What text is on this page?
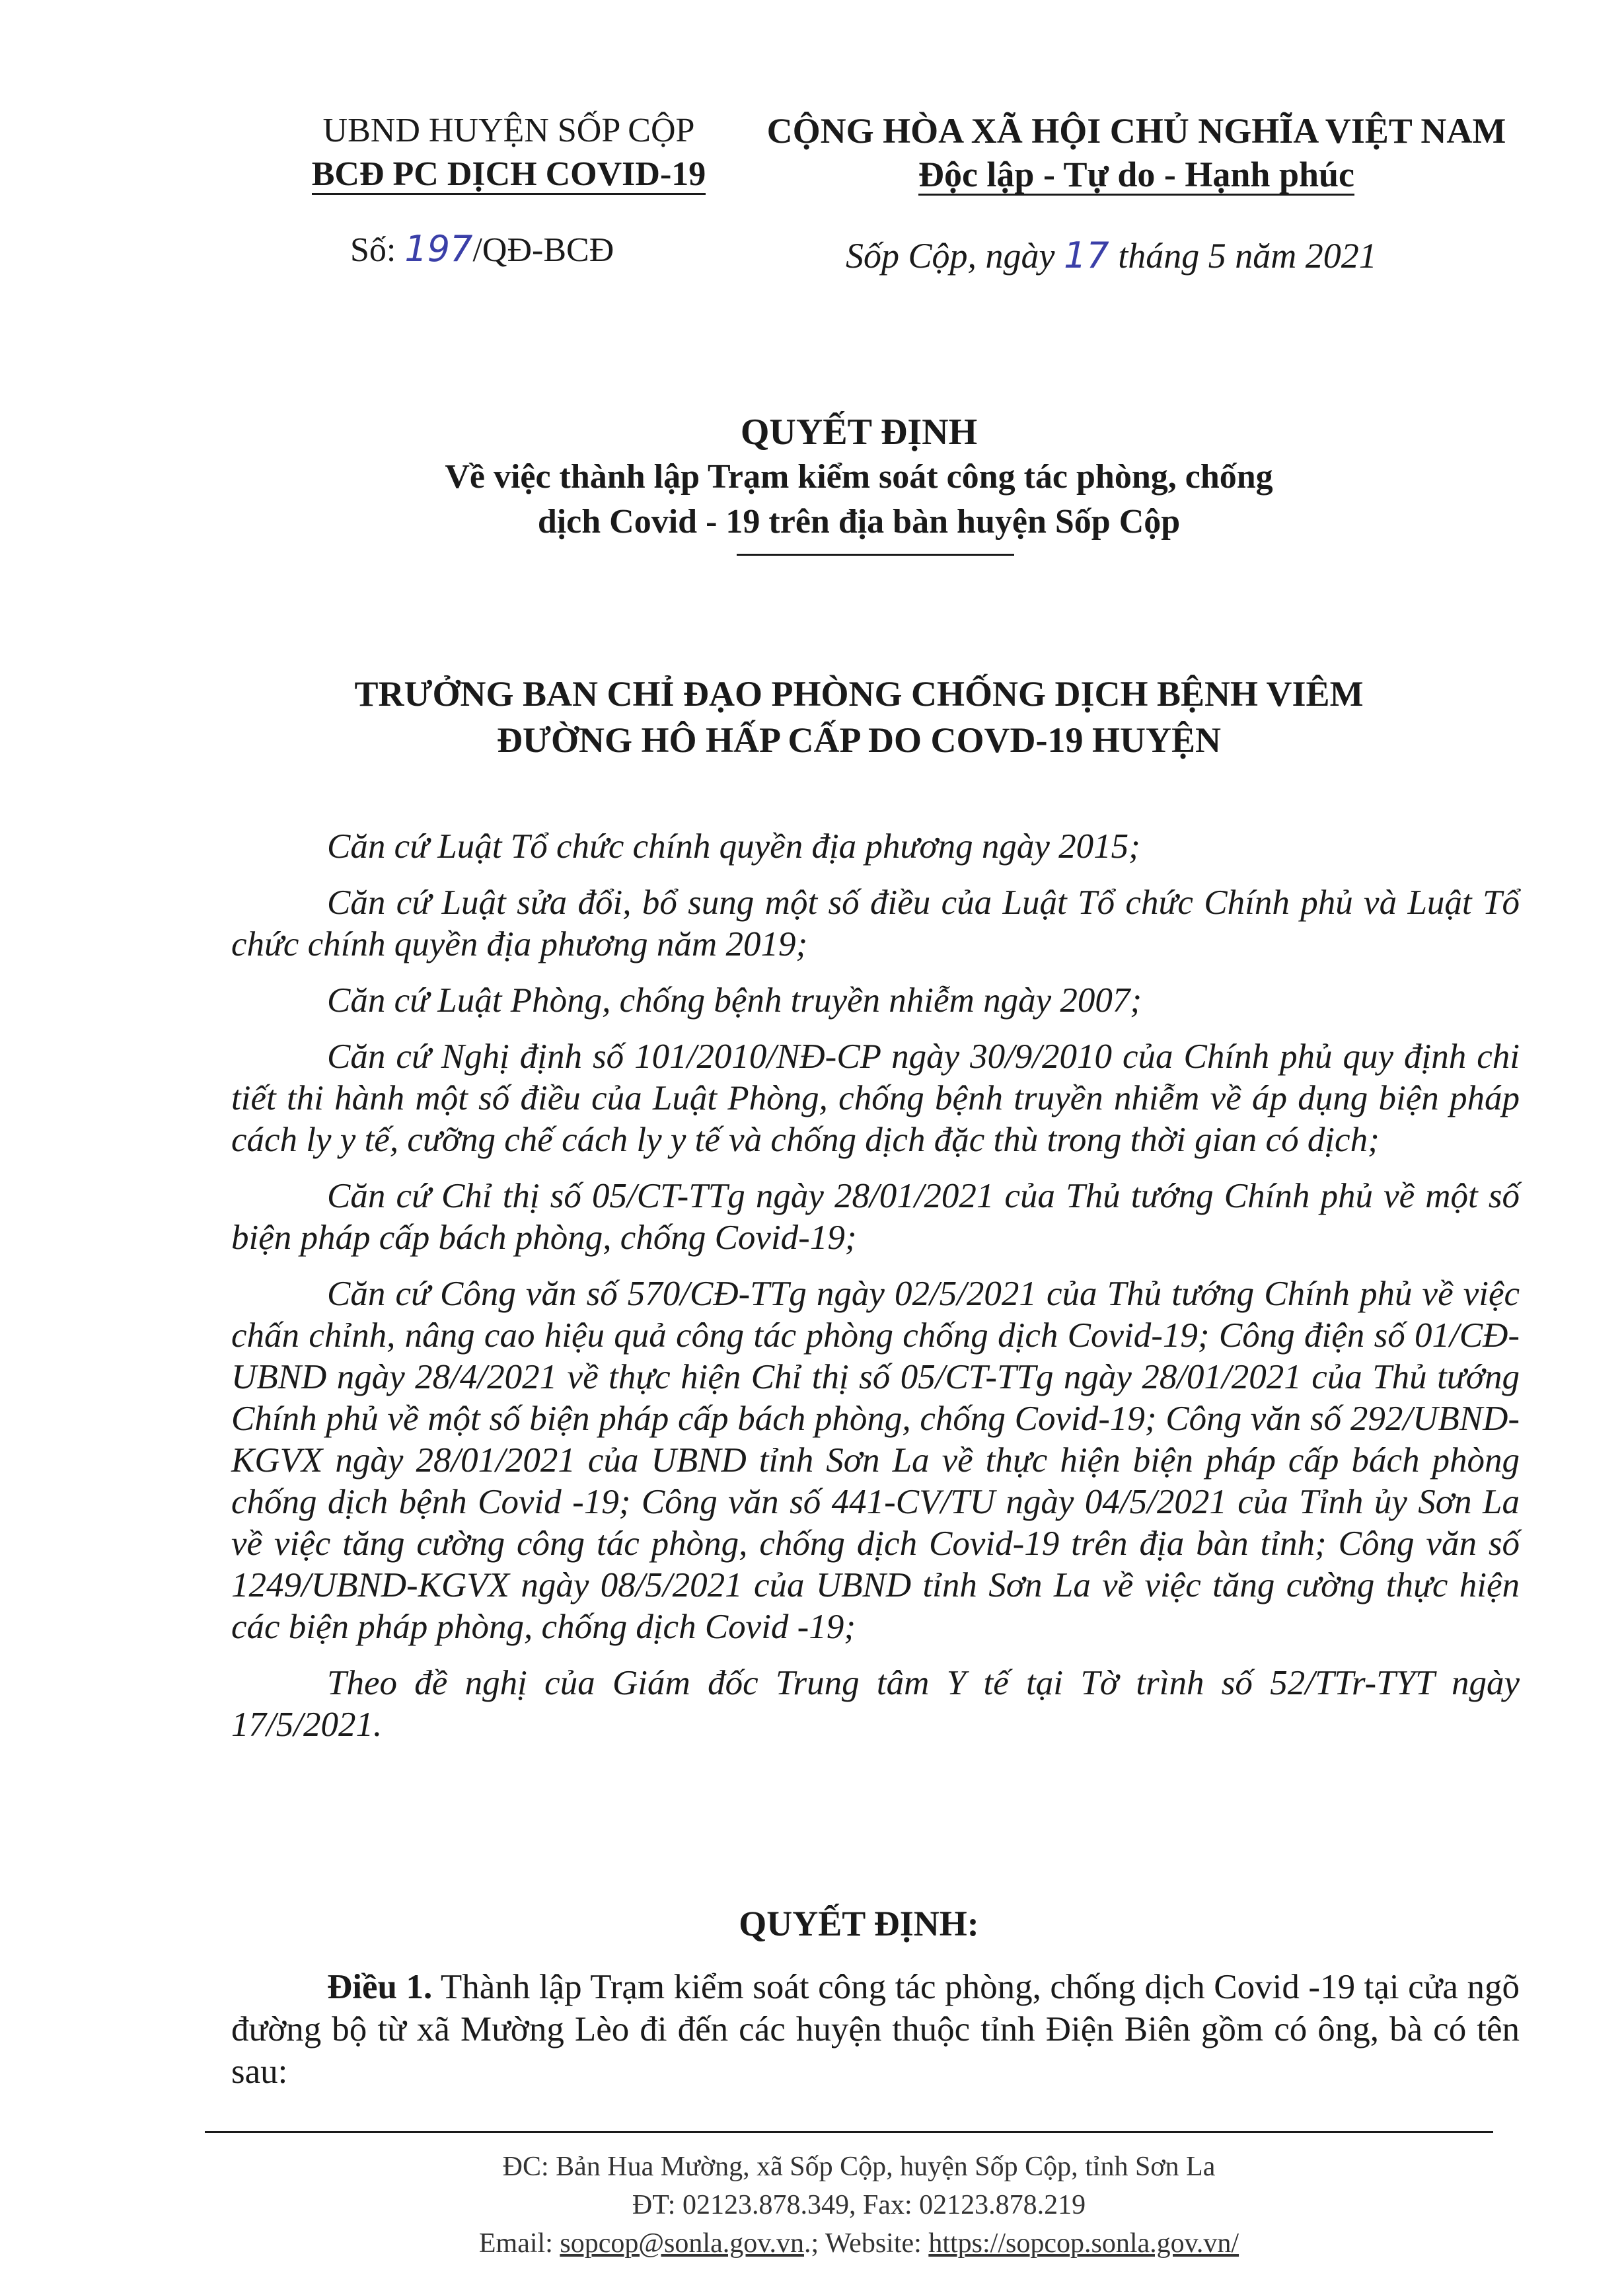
UBND HUYỆN SỐP CỘP
BCĐ PC DỊCH COVID-19
Số: 197/QĐ-BCĐ
CỘNG HÒA XÃ HỘI CHỦ NGHĨA VIỆT NAM
Độc lập - Tự do - Hạnh phúc
Sốp Cộp, ngày 17 tháng 5 năm 2021
QUYẾT ĐỊNH
Về việc thành lập Trạm kiểm soát công tác phòng, chống
dịch Covid - 19 trên địa bàn huyện Sốp Cộp
TRƯỞNG BAN CHỈ ĐẠO PHÒNG CHỐNG DỊCH BỆNH VIÊM
ĐƯỜNG HÔ HẤP CẤP DO COVD-19 HUYỆN

Căn cứ Luật Tổ chức chính quyền địa phương ngày 2015;

Căn cứ Luật sửa đổi, bổ sung một số điều của Luật Tổ chức Chính phủ và Luật Tổ chức chính quyền địa phương năm 2019;

Căn cứ Luật Phòng, chống bệnh truyền nhiễm ngày 2007;

Căn cứ Nghị định số 101/2010/NĐ-CP ngày 30/9/2010 của Chính phủ quy định chi tiết thi hành một số điều của Luật Phòng, chống bệnh truyền nhiễm về áp dụng biện pháp cách ly y tế, cưỡng chế cách ly y tế và chống dịch đặc thù trong thời gian có dịch;

Căn cứ Chỉ thị số 05/CT-TTg ngày 28/01/2021 của Thủ tướng Chính phủ về một số biện pháp cấp bách phòng, chống Covid-19;

Căn cứ Công văn số 570/CĐ-TTg ngày 02/5/2021 của Thủ tướng Chính phủ về việc chấn chỉnh, nâng cao hiệu quả công tác phòng chống dịch Covid-19; Công điện số 01/CĐ-UBND ngày 28/4/2021 về thực hiện Chỉ thị số 05/CT-TTg ngày 28/01/2021 của Thủ tướng Chính phủ về một số biện pháp cấp bách phòng, chống Covid-19; Công văn số 292/UBND-KGVX ngày 28/01/2021 của UBND tỉnh Sơn La về thực hiện biện pháp cấp bách phòng chống dịch bệnh Covid -19; Công văn số 441-CV/TU ngày 04/5/2021 của Tỉnh ủy Sơn La về việc tăng cường công tác phòng, chống dịch Covid-19 trên địa bàn tỉnh; Công văn số 1249/UBND-KGVX ngày 08/5/2021 của UBND tỉnh Sơn La về việc tăng cường thực hiện các biện pháp phòng, chống dịch Covid -19;

Theo đề nghị của Giám đốc Trung tâm Y tế tại Tờ trình số 52/TTr-TYT ngày 17/5/2021.

QUYẾT ĐỊNH:
Điều 1. Thành lập Trạm kiểm soát công tác phòng, chống dịch Covid -19 tại cửa ngõ đường bộ từ xã Mường Lèo đi đến các huyện thuộc tỉnh Điện Biên gồm có ông, bà có tên sau:
ĐC: Bản Hua Mường, xã Sốp Cộp, huyện Sốp Cộp, tỉnh Sơn La
ĐT: 02123.878.349, Fax: 02123.878.219
Email: sopcop@sonla.gov.vn.; Website: https://sopcop.sonla.gov.vn/
